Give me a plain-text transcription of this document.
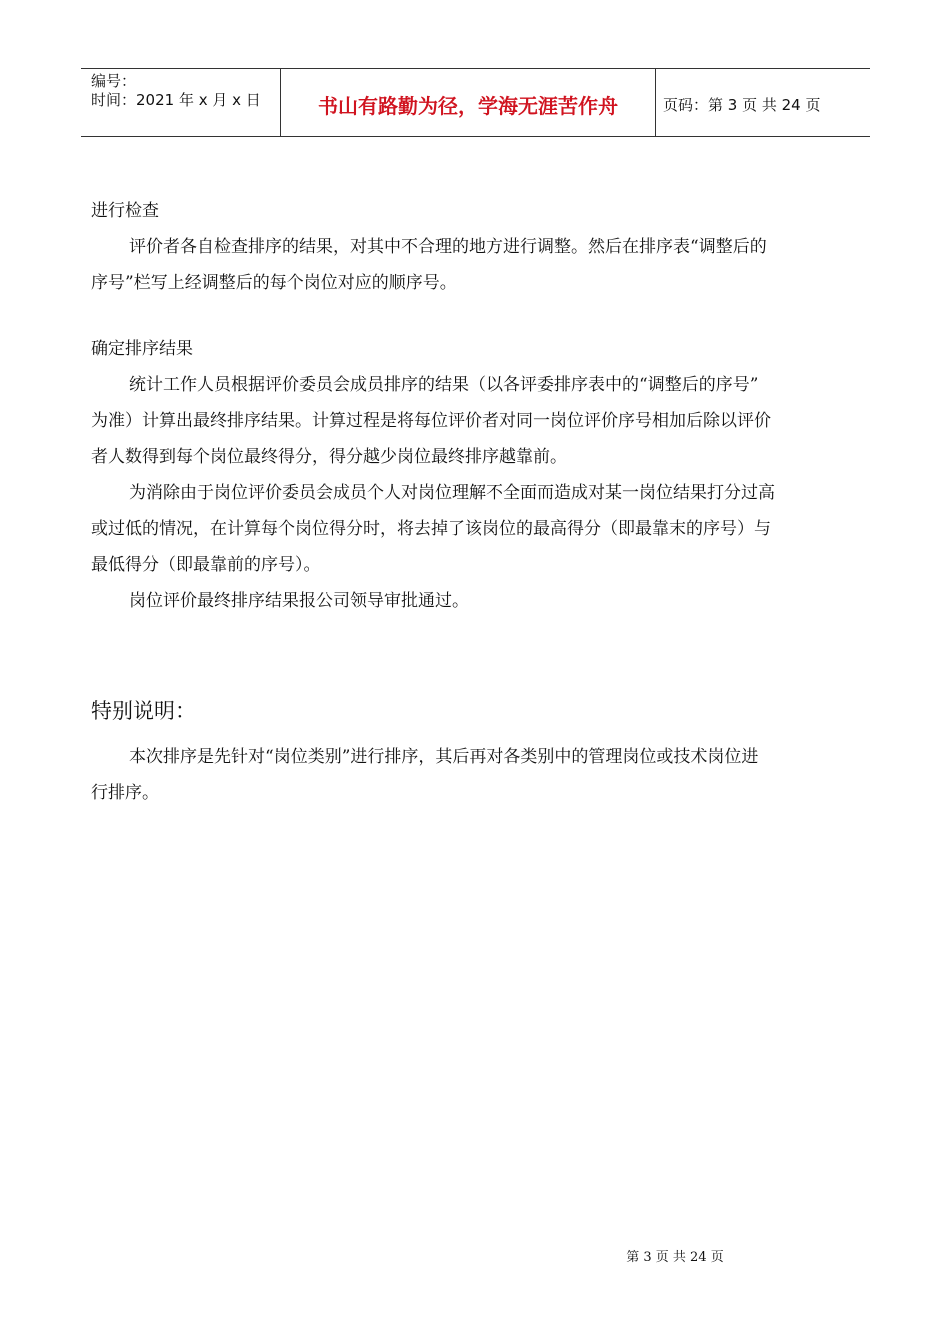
编号：
时间：2021 年 x 月 x 日	书山有路勤为径，学海无涯苦作舟	页码：第 3 页 共 24 页
进行检查
评价者各自检查排序的结果，对其中不合理的地方进行调整。然后在排序表“调整后的
序号”栏写上经调整后的每个岗位对应的顺序号。
确定排序结果
统计工作人员根据评价委员会成员排序的结果（以各评委排序表中的“调整后的序号”
为准）计算出最终排序结果。计算过程是将每位评价者对同一岗位评价序号相加后除以评价
者人数得到每个岗位最终得分，得分越少岗位最终排序越靠前。
为消除由于岗位评价委员会成员个人对岗位理解不全面而造成对某一岗位结果打分过高
或过低的情况，在计算每个岗位得分时，将去掉了该岗位的最高得分（即最靠末的序号）与
最低得分（即最靠前的序号）。
岗位评价最终排序结果报公司领导审批通过。
特别说明：
本次排序是先针对“岗位类别”进行排序，其后再对各类别中的管理岗位或技术岗位进
行排序。
第 3 页 共 24 页
